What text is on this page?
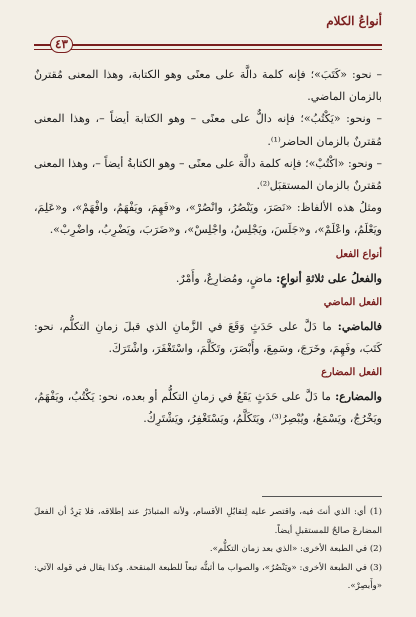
أنواعُ الكلام
٤٣

– نحو: «كَتَبَ»؛ فإنه كلمة دالَّة على معنًى وهو الكتابة، وهذا المعنى مُقترنٌ بالزمان الماضي.

– ونحو: «يَكْتُبُ»؛ فإنه دالٌّ على معنًى – وهو الكتابة أيضاً –، وهذا المعنى مُقترنٌ بالزمان الحاضر⁽¹⁾.

– ونحو: «اكْتُبْ»؛ فإنه كلمة دالَّة على معنًى – وهو الكتابةُ أيضاً –، وهذا المعنى مُقترنٌ بالزمان المستقبَل⁽²⁾.

ومثلُ هذه الألفاظ: «نَصَرَ، ويَنْصُرُ، وانْصُرْ»، و«فَهِمَ، ويَفْهَمُ، وافْهَمْ»، و«عَلِمَ، ويَعْلَمُ، واعْلَمْ»، و«جَلَسَ، ويَجْلِسُ، واجْلِسْ»، و«ضَرَبَ، ويَضْرِبُ، واضْرِبْ».

أنواع الفعل

والفعلُ على ثلاثةِ أنواعٍ: ماضٍ، ومُضارِعٌ، وأَمْرٌ.

الفعل الماضي

فالماضي: ما دَلَّ على حَدَثٍ وَقَعَ في الزَّمانِ الذي قبلَ زمانِ التكلُّم، نحو: كَتَبَ، وفَهِمَ، وخَرَجَ، وسَمِعَ، وأَبْصَرَ، وتَكَلَّمَ، واسْتَغْفَرَ، واشْتَرَكَ.

الفعل المضارع

والمضارع: ما دَلَّ على حَدَثٍ يَقَعُ في زمانِ التكلُّم أو بعده، نحو: يَكْتُبُ، ويَفْهَمُ، ويَخْرُجُ، ويَسْمَعُ، ويُبْصِرُ⁽³⁾، ويَتَكَلَّمُ، ويَسْتَغْفِرُ، ويَشْتَرِكُ.

(1) أي: الذي أنتَ فيه، واقتصر عليه لِتقابُلِ الأقسام، ولأنه المتبادَرُ عند إطلاقه، فلا يَرِدُ أن الفعلَ المضارعَ صالحٌ للمستقبلِ أيضاً.

(2) في الطبعة الأخرى: «الذي بعد زمان التكلُّم».

(3) في الطبعة الأخرى: «ويَنْصُرُ»، والصواب ما أثبتُّه تبعاً للطبعة المنقحة. وكذا يقال في قوله الآتي: «وأَبصِرْ».
